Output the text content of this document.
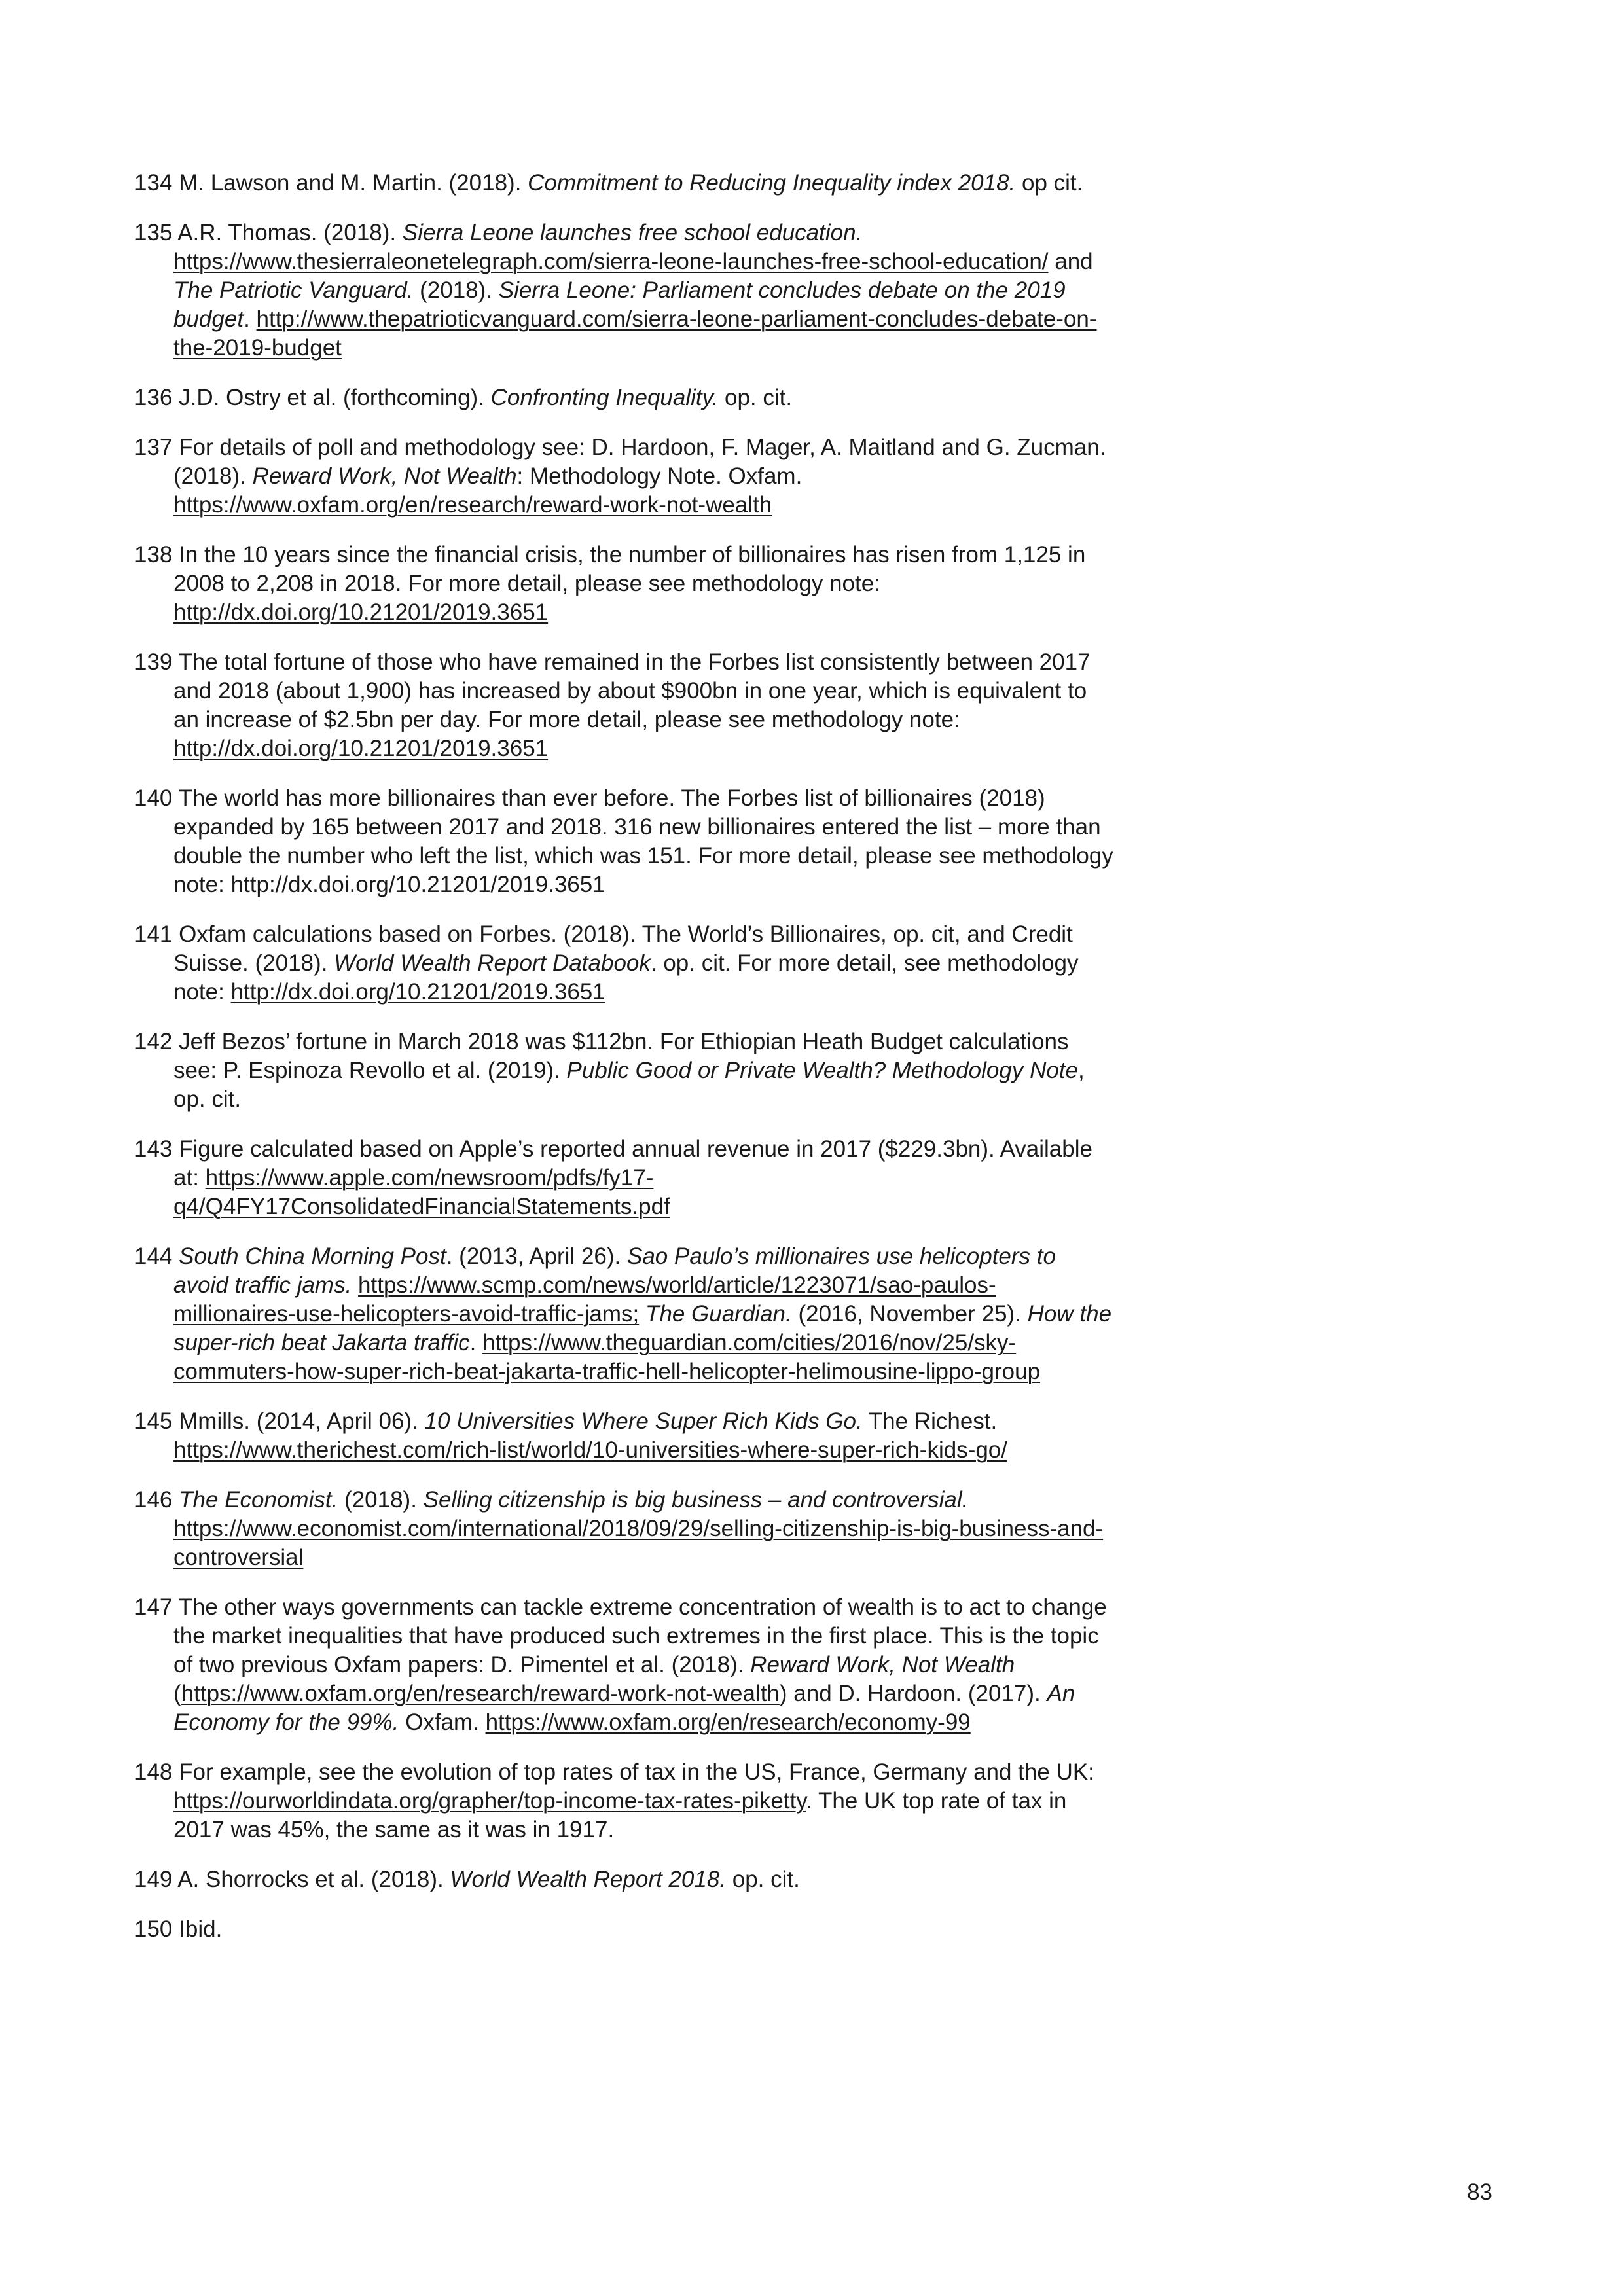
134 M. Lawson and M. Martin. (2018). Commitment to Reducing Inequality index 2018. op cit.

135 A.R. Thomas. (2018). Sierra Leone launches free school education. https://www.thesierraleonetelegraph.com/sierra-leone-launches-free-school-education/ and The Patriotic Vanguard. (2018). Sierra Leone: Parliament concludes debate on the 2019 budget. http://www.thepatrioticvanguard.com/sierra-leone-parliament-concludes-debate-on-the-2019-budget

136 J.D. Ostry et al. (forthcoming). Confronting Inequality. op. cit.

137 For details of poll and methodology see: D. Hardoon, F. Mager, A. Maitland and G. Zucman. (2018). Reward Work, Not Wealth: Methodology Note. Oxfam. https://www.oxfam.org/en/research/reward-work-not-wealth

138 In the 10 years since the financial crisis, the number of billionaires has risen from 1,125 in 2008 to 2,208 in 2018. For more detail, please see methodology note: http://dx.doi.org/10.21201/2019.3651

139 The total fortune of those who have remained in the Forbes list consistently between 2017 and 2018 (about 1,900) has increased by about $900bn in one year, which is equivalent to an increase of $2.5bn per day. For more detail, please see methodology note: http://dx.doi.org/10.21201/2019.3651

140 The world has more billionaires than ever before. The Forbes list of billionaires (2018) expanded by 165 between 2017 and 2018. 316 new billionaires entered the list – more than double the number who left the list, which was 151. For more detail, please see methodology note: http://dx.doi.org/10.21201/2019.3651

141 Oxfam calculations based on Forbes. (2018). The World’s Billionaires, op. cit, and Credit Suisse. (2018). World Wealth Report Databook. op. cit. For more detail, see methodology note: http://dx.doi.org/10.21201/2019.3651

142 Jeff Bezos’ fortune in March 2018 was $112bn. For Ethiopian Heath Budget calculations see: P. Espinoza Revollo et al. (2019). Public Good or Private Wealth? Methodology Note, op. cit.

143 Figure calculated based on Apple’s reported annual revenue in 2017 ($229.3bn). Available at: https://www.apple.com/newsroom/pdfs/fy17-q4/Q4FY17ConsolidatedFinancialStatements.pdf

144 South China Morning Post. (2013, April 26). Sao Paulo’s millionaires use helicopters to avoid traffic jams. https://www.scmp.com/news/world/article/1223071/sao-paulos-millionaires-use-helicopters-avoid-traffic-jams; The Guardian. (2016, November 25). How the super-rich beat Jakarta traffic. https://www.theguardian.com/cities/2016/nov/25/sky-commuters-how-super-rich-beat-jakarta-traffic-hell-helicopter-helimousine-lippo-group

145 Mmills. (2014, April 06). 10 Universities Where Super Rich Kids Go. The Richest. https://www.therichest.com/rich-list/world/10-universities-where-super-rich-kids-go/

146 The Economist. (2018). Selling citizenship is big business – and controversial. https://www.economist.com/international/2018/09/29/selling-citizenship-is-big-business-and-controversial

147 The other ways governments can tackle extreme concentration of wealth is to act to change the market inequalities that have produced such extremes in the first place. This is the topic of two previous Oxfam papers: D. Pimentel et al. (2018). Reward Work, Not Wealth (https://www.oxfam.org/en/research/reward-work-not-wealth) and D. Hardoon. (2017). An Economy for the 99%. Oxfam. https://www.oxfam.org/en/research/economy-99

148 For example, see the evolution of top rates of tax in the US, France, Germany and the UK: https://ourworldindata.org/grapher/top-income-tax-rates-piketty. The UK top rate of tax in 2017 was 45%, the same as it was in 1917.

149 A. Shorrocks et al. (2018). World Wealth Report 2018. op. cit.

150 Ibid.

83
